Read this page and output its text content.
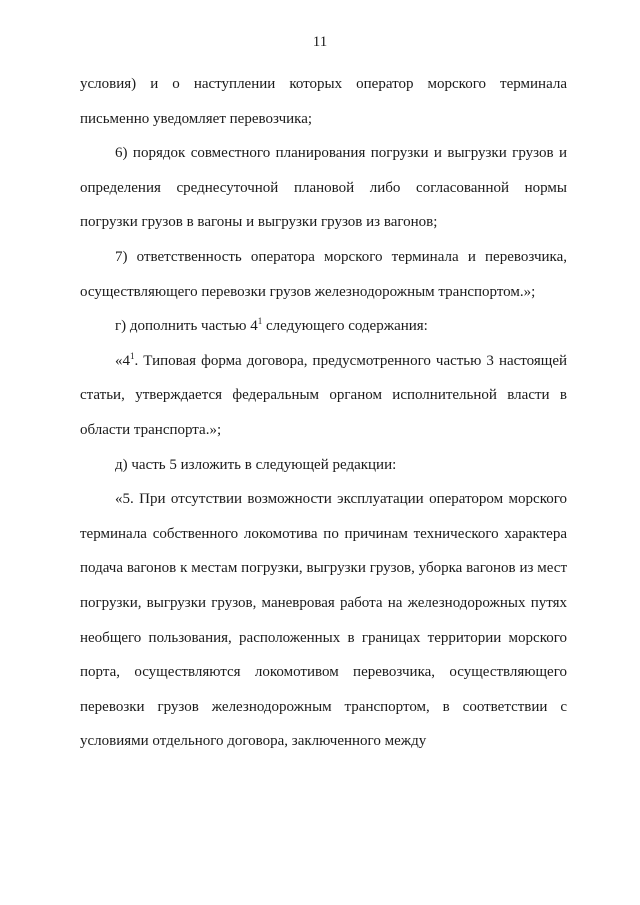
11

условия) и о наступлении которых оператор морского терминала письменно уведомляет перевозчика;

6) порядок совместного планирования погрузки и выгрузки грузов и определения среднесуточной плановой либо согласованной нормы погрузки грузов в вагоны и выгрузки грузов из вагонов;

7) ответственность оператора морского терминала и перевозчика, осуществляющего перевозки грузов железнодорожным транспортом.»;

г) дополнить частью $4^1$ следующего содержания:

«$4^1$. Типовая форма договора, предусмотренного частью 3 настоящей статьи, утверждается федеральным органом исполнительной власти в области транспорта.»;

д) часть 5 изложить в следующей редакции:

«5. При отсутствии возможности эксплуатации оператором морского терминала собственного локомотива по причинам технического характера подача вагонов к местам погрузки, выгрузки грузов, уборка вагонов из мест погрузки, выгрузки грузов, маневровая работа на железнодорожных путях необщего пользования, расположенных в границах территории морского порта, осуществляются локомотивом перевозчика, осуществляющего перевозки грузов железнодорожным транспортом, в соответствии с условиями отдельного договора, заключенного между
